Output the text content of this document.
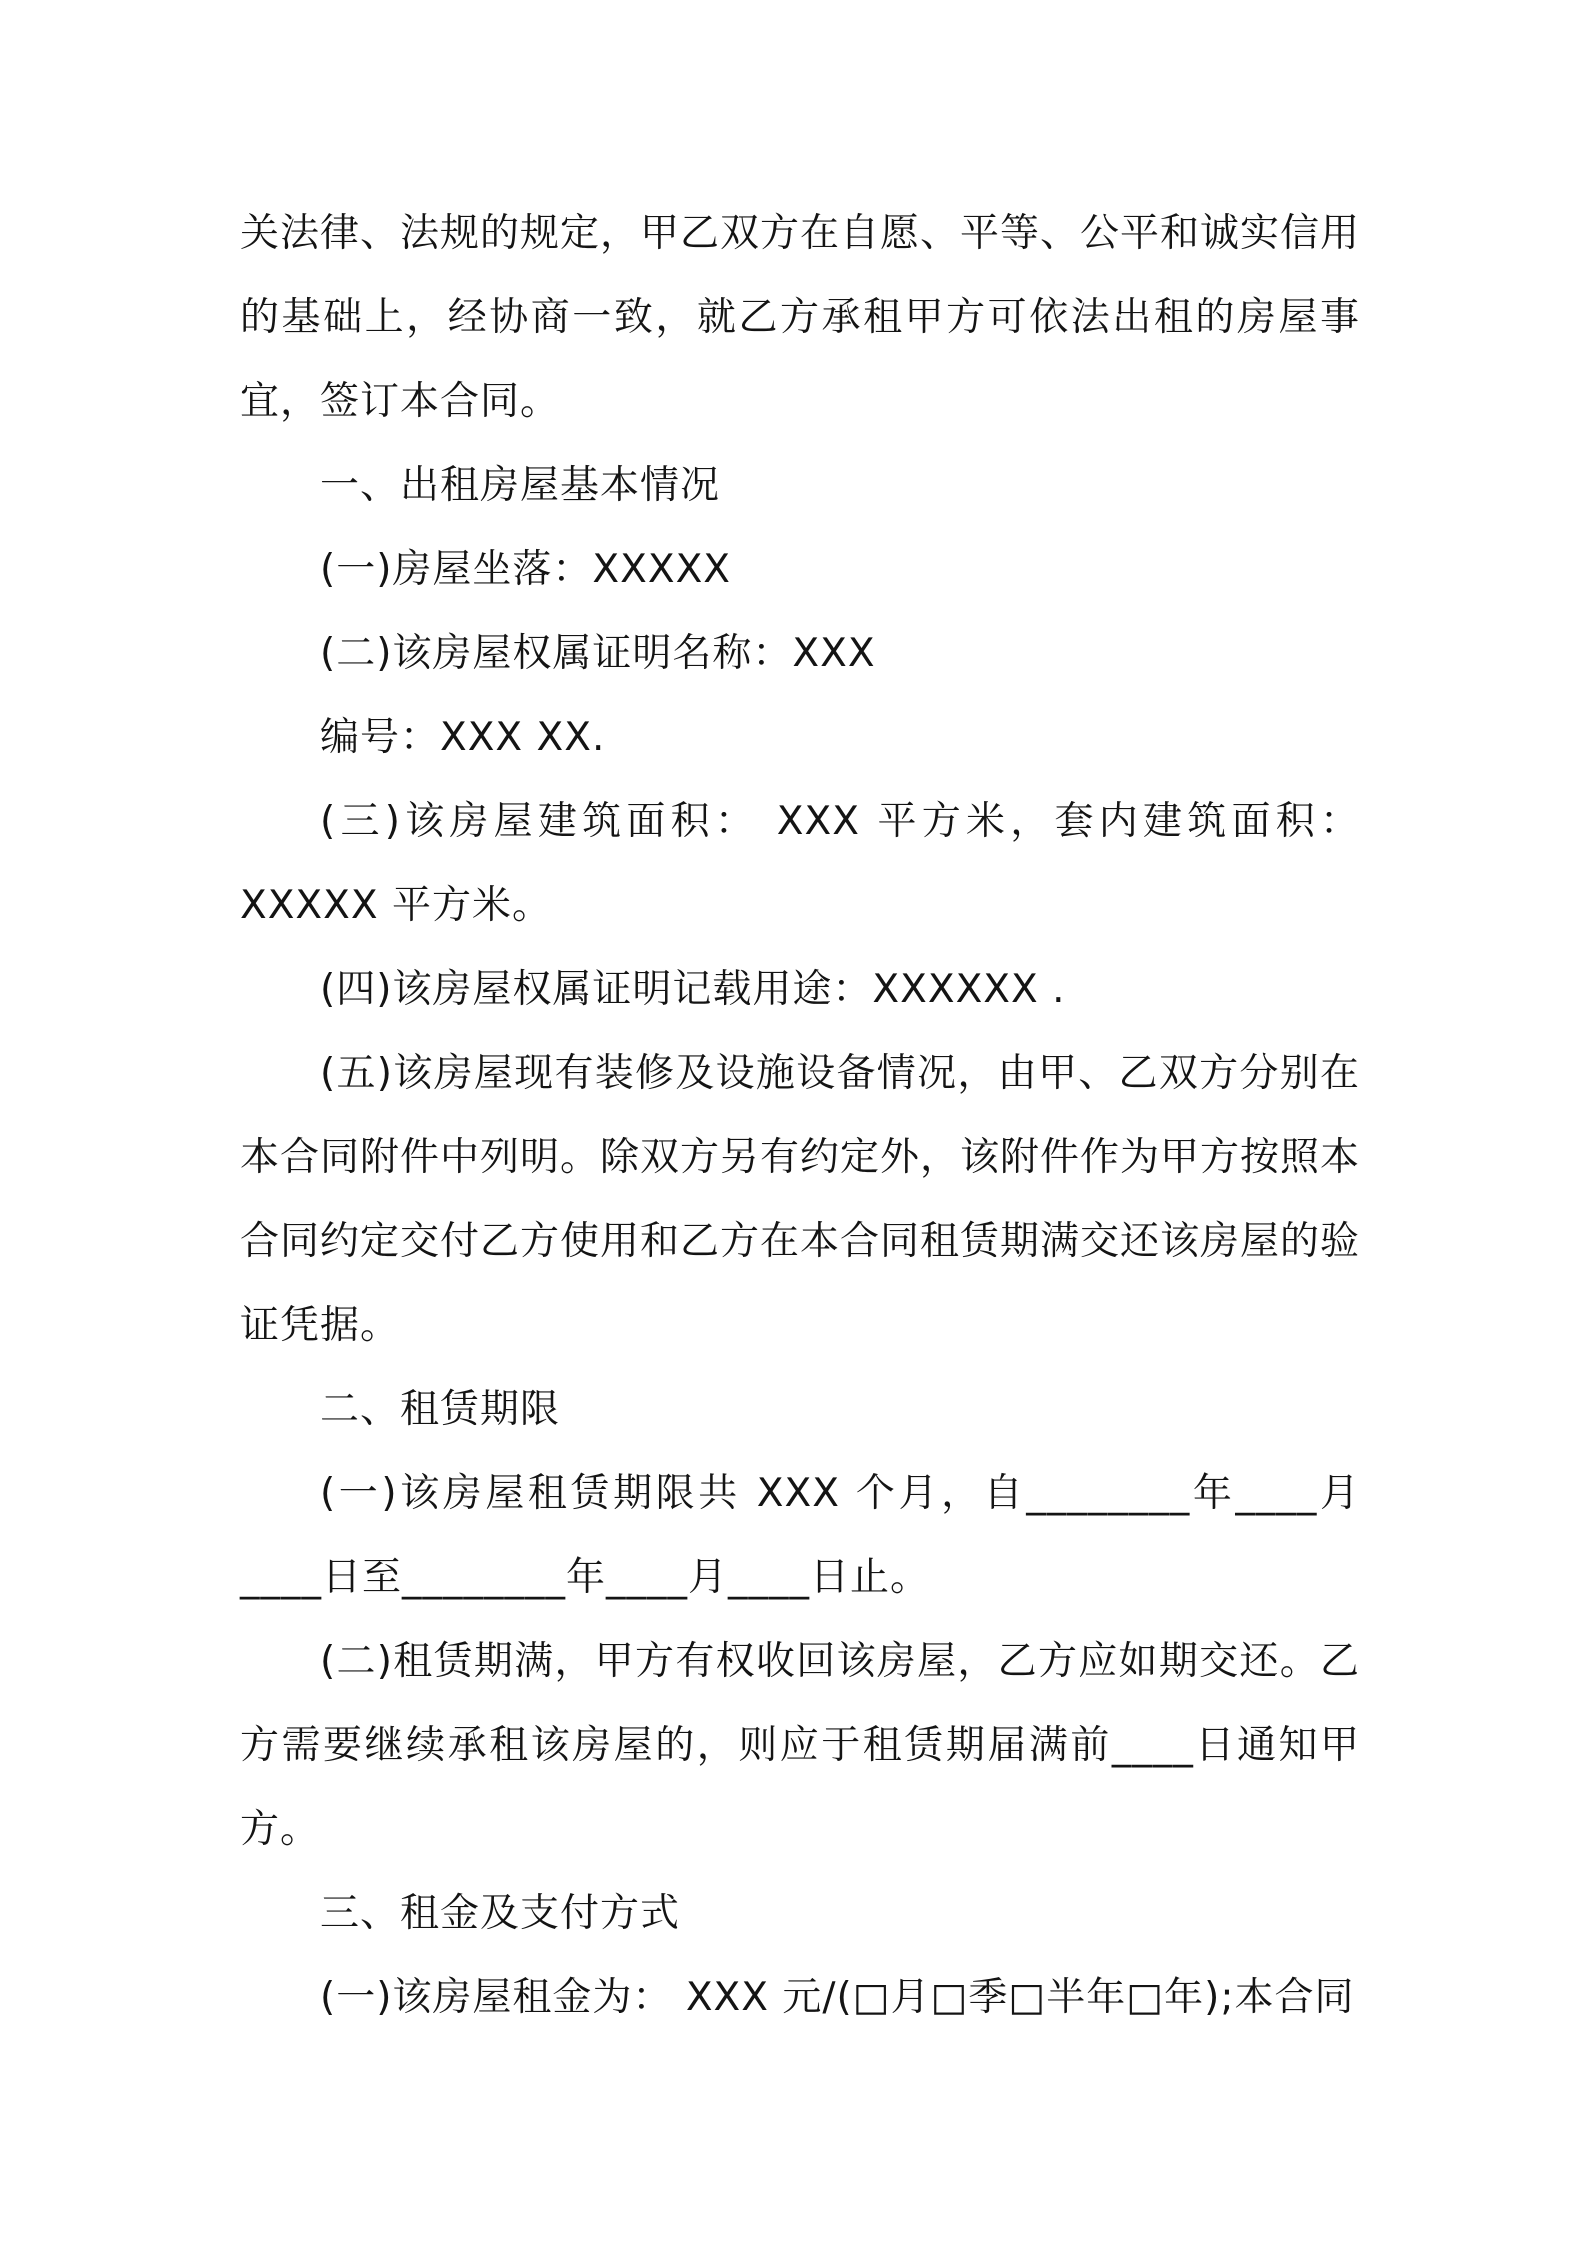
关法律、法规的规定，甲乙双方在自愿、平等、公平和诚实信用的基础上，经协商一致，就乙方承租甲方可依法出租的房屋事宜，签订本合同。

一、出租房屋基本情况

(一)房屋坐落：XXXXX

(二)该房屋权属证明名称：XXX

编号：XXX XX.

(三)该房屋建筑面积： XXX 平方米，套内建筑面积：XXXXX 平方米。

(四)该房屋权属证明记载用途：XXXXXX .

(五)该房屋现有装修及设施设备情况，由甲、乙双方分别在本合同附件中列明。除双方另有约定外，该附件作为甲方按照本合同约定交付乙方使用和乙方在本合同租赁期满交还该房屋的验证凭据。

二、租赁期限

(一)该房屋租赁期限共 XXX 个月，自________年____月____日至________年____月____日止。

(二)租赁期满，甲方有权收回该房屋，乙方应如期交还。乙方需要继续承租该房屋的，则应于租赁期届满前____日通知甲方。

三、租金及支付方式

(一)该房屋租金为： XXX 元/(□月□季□半年□年);本合同
